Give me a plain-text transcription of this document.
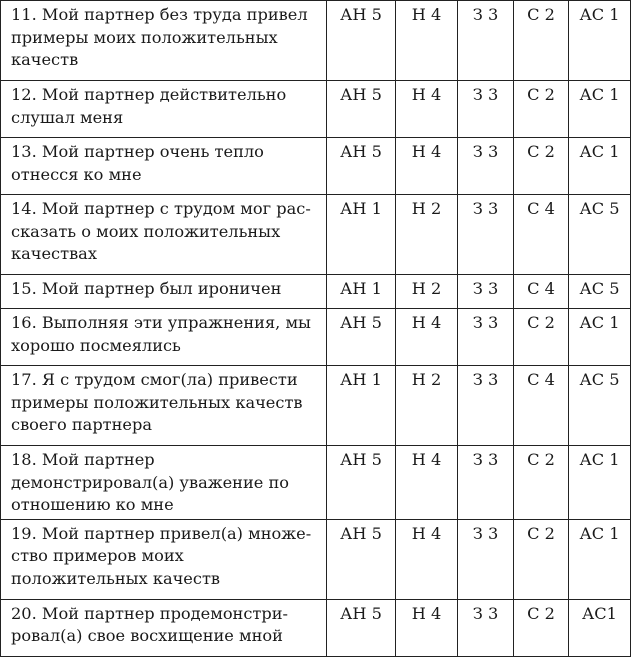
11. Мой партнер без труда привел примеры моих положительных качеств	АН 5	Н 4	З 3	С 2	АС 1
12. Мой партнер действительно слушал меня	АН 5	Н 4	З 3	С 2	АС 1
13. Мой партнер очень тепло отнесся ко мне	АН 5	Н 4	З 3	С 2	АС 1
14. Мой партнер с трудом мог рассказать о моих положительных качествах	АН 1	Н 2	З 3	С 4	АС 5
15. Мой партнер был ироничен	АН 1	Н 2	З 3	С 4	АС 5
16. Выполняя эти упражнения, мы хорошо посмеялись	АН 5	Н 4	З 3	С 2	АС 1
17. Я с трудом смог(ла) привести примеры положительных качеств своего партнера	АН 1	Н 2	З 3	С 4	АС 5
18. Мой партнер демонстрировал(а) уважение по отношению ко мне	АН 5	Н 4	З 3	С 2	АС 1
19. Мой партнер привел(а) множество примеров моих положительных качеств	АН 5	Н 4	З 3	С 2	АС 1
20. Мой партнер продемонстрировал(а) свое восхищение мной	АН 5	Н 4	З 3	С 2	АС1
